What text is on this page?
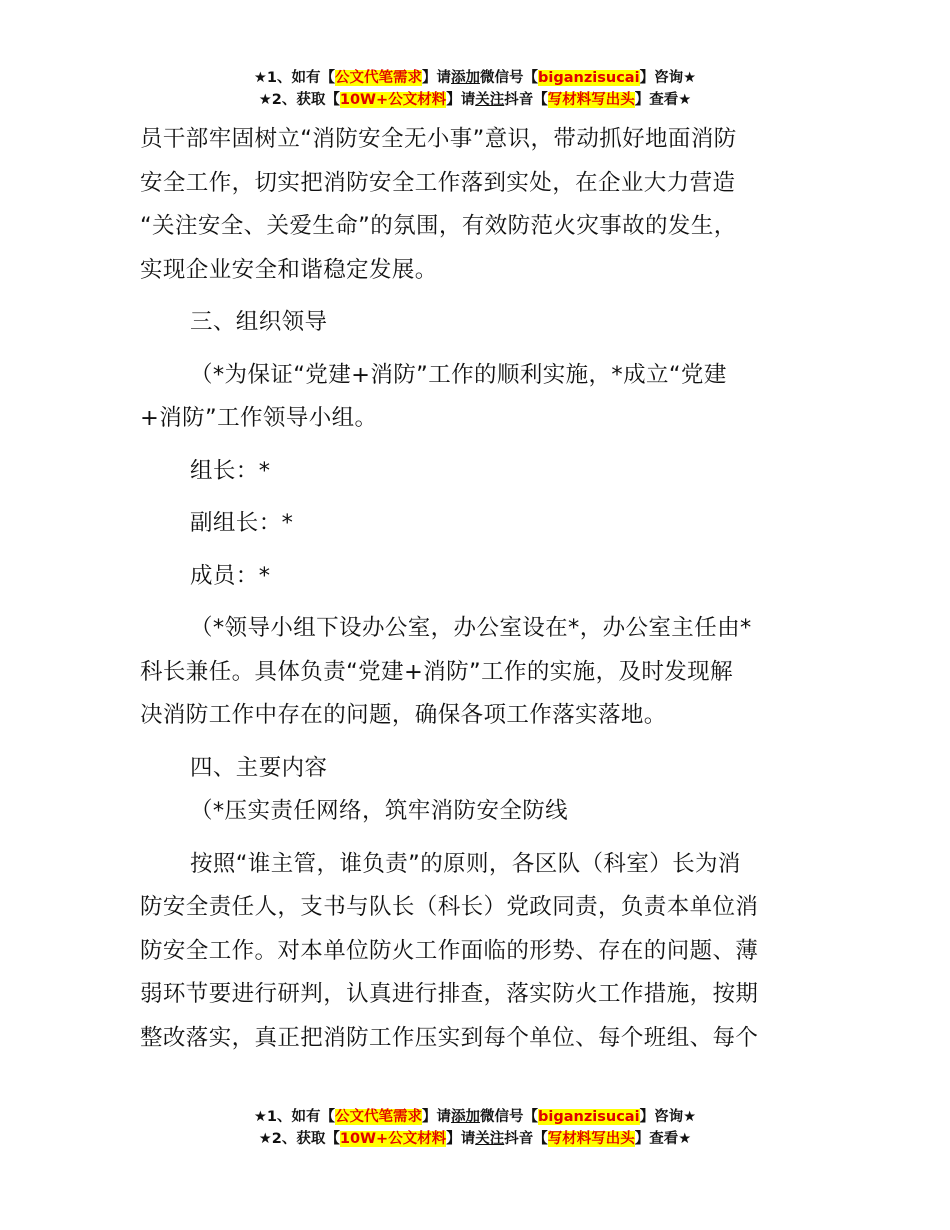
★1、如有【公文代笔需求】请添加微信号【biganzisucai】咨询★
★2、获取【10W+公文材料】请关注抖音【写材料写出头】查看★

员干部牢固树立“消防安全无小事”意识，带动抓好地面消防
安全工作，切实把消防安全工作落到实处，在企业大力营造
“关注安全、关爱生命”的氛围，有效防范火灾事故的发生，
实现企业安全和谐稳定发展。

三、组织领导

（*为保证“党建+消防”工作的顺利实施，*成立“党建
+消防”工作领导小组。

组长：*

副组长：*

成员：*

（*领导小组下设办公室，办公室设在*，办公室主任由*
科长兼任。具体负责“党建+消防”工作的实施，及时发现解
决消防工作中存在的问题，确保各项工作落实落地。

四、主要内容

（*压实责任网络，筑牢消防安全防线

按照“谁主管，谁负责”的原则，各区队（科室）长为消
防安全责任人，支书与队长（科长）党政同责，负责本单位消
防安全工作。对本单位防火工作面临的形势、存在的问题、薄
弱环节要进行研判，认真进行排查，落实防火工作措施，按期
整改落实，真正把消防工作压实到每个单位、每个班组、每个

★1、如有【公文代笔需求】请添加微信号【biganzisucai】咨询★
★2、获取【10W+公文材料】请关注抖音【写材料写出头】查看★
